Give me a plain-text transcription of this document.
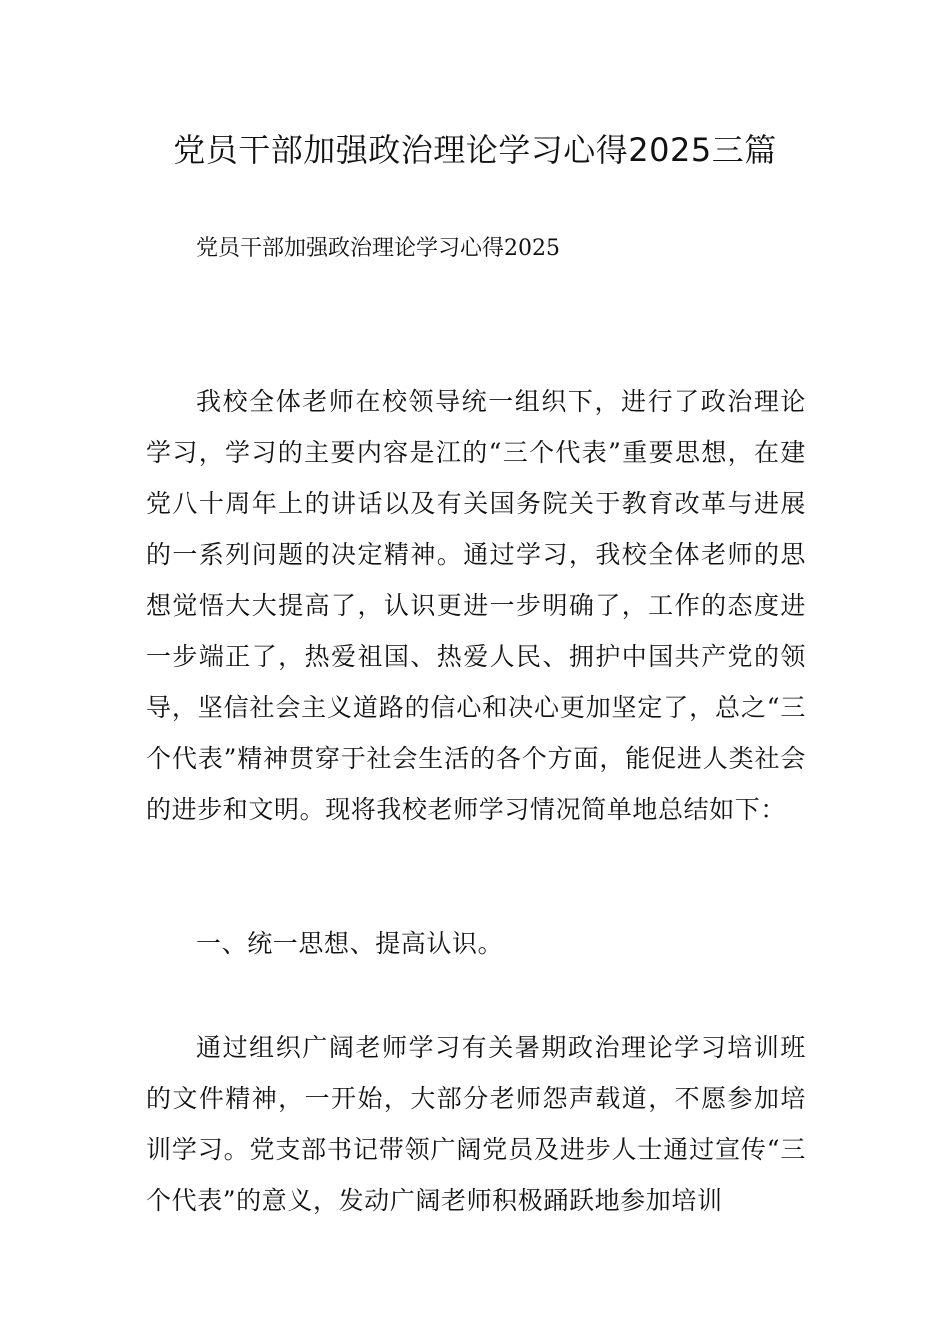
党员干部加强政治理论学习心得2025三篇

党员干部加强政治理论学习心得2025

我校全体老师在校领导统一组织下，进行了政治理论学习，学习的主要内容是江的“三个代表”重要思想，在建党八十周年上的讲话以及有关国务院关于教育改革与进展的一系列问题的决定精神。通过学习，我校全体老师的思想觉悟大大提高了，认识更进一步明确了，工作的态度进一步端正了，热爱祖国、热爱人民、拥护中国共产党的领导，坚信社会主义道路的信心和决心更加坚定了，总之“三个代表”精神贯穿于社会生活的各个方面，能促进人类社会的进步和文明。现将我校老师学习情况简单地总结如下：

一、统一思想、提高认识。

通过组织广阔老师学习有关暑期政治理论学习培训班的文件精神，一开始，大部分老师怨声载道，不愿参加培训学习。党支部书记带领广阔党员及进步人士通过宣传“三个代表”的意义，发动广阔老师积极踊跃地参加培训
